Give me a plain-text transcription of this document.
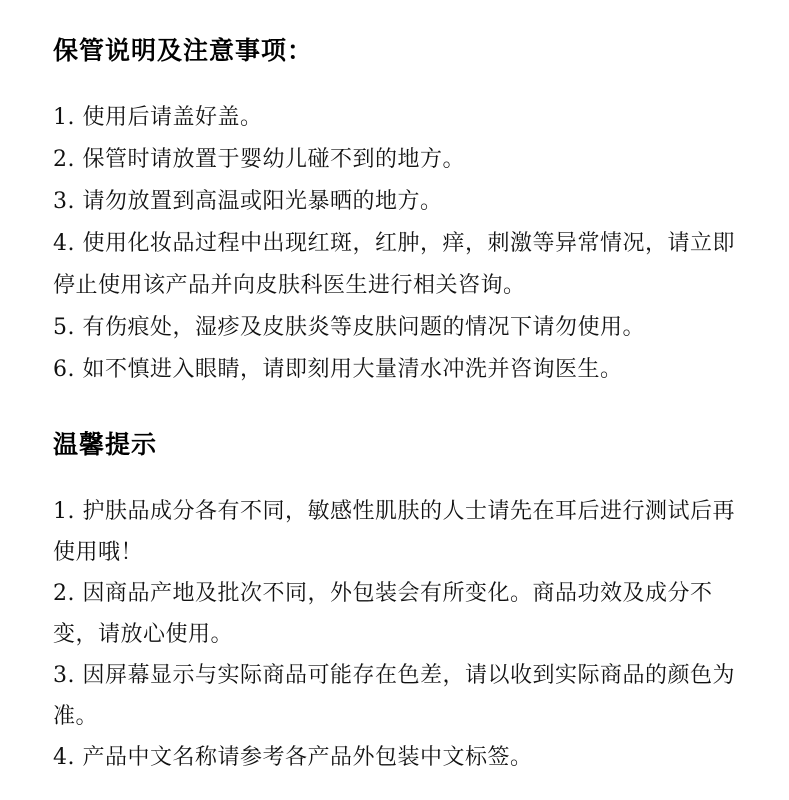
保管说明及注意事项：
1. 使用后请盖好盖。
2. 保管时请放置于婴幼儿碰不到的地方。
3. 请勿放置到高温或阳光暴晒的地方。
4. 使用化妆品过程中出现红斑，红肿，痒，刺激等异常情况，请立即停止使用该产品并向皮肤科医生进行相关咨询。
5. 有伤痕处，湿疹及皮肤炎等皮肤问题的情况下请勿使用。
6. 如不慎进入眼睛，请即刻用大量清水冲洗并咨询医生。
温馨提示
1. 护肤品成分各有不同，敏感性肌肤的人士请先在耳后进行测试后再使用哦！
2. 因商品产地及批次不同，外包装会有所变化。商品功效及成分不变，请放心使用。
3. 因屏幕显示与实际商品可能存在色差，请以收到实际商品的颜色为准。
4. 产品中文名称请参考各产品外包装中文标签。
